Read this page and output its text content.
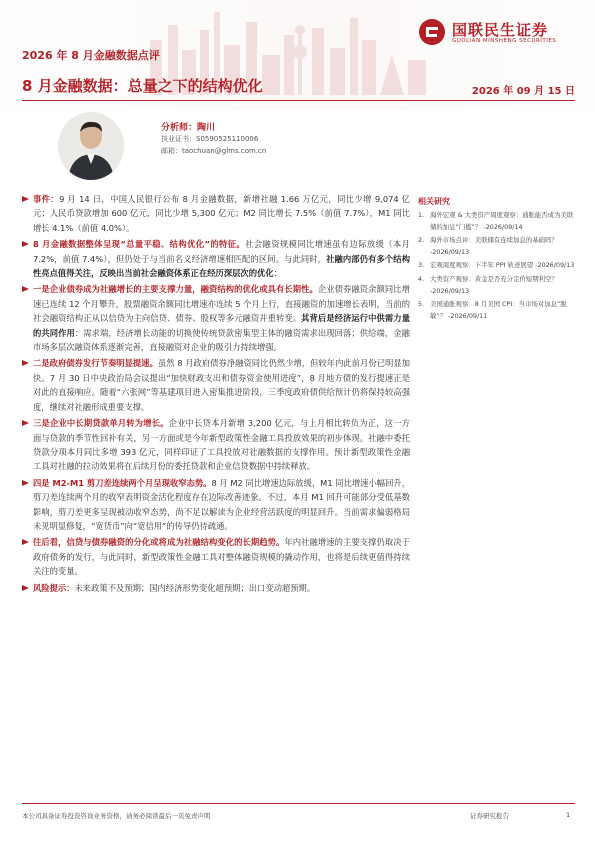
2026 年 8 月金融数据点评
国联民生证券
GUOLIAN MINSHENG SECURITIES
8 月金融数据：总量之下的结构优化	2026 年 09 月 15 日
分析师：陶川
执业证书：S0590525110006
邮箱：taochuan@glms.com.cn
事件：9 月 14 日，中国人民银行公布 8 月金融数据，新增社融 1.66 万亿元，同比少增 9,074 亿元；人民币贷款增加 600 亿元，同比少增 5,300 亿元；M2 同比增长 7.5%（前值 7.7%），M1 同比增长 4.1%（前值 4.0%）。
8 月金融数据整体呈现“总量平稳、结构优化”的特征。社会融资规模同比增速虽有边际放缓（本月 7.2%，前值 7.4%），但仍处于与当前名义经济增速相匹配的区间。与此同时，社融内部仍有多个结构性亮点值得关注，反映出当前社会融资体系正在经历深层次的优化：
一是企业债券成为社融增长的主要支撑力量，融资结构的优化或具有长期性。企业债券融资余额同比增速已连续 12 个月攀升，股票融资余额同比增速亦连续 5 个月上行，直接融资的加速增长表明，当前的社会融资结构正从以信贷为主向信贷、债券、股权等多元融资并重转变。其背后是经济运行中供需力量的共同作用：需求端，经济增长动能的切换使传统贷款密集型主体的融资需求出现回落；供给端，金融市场多层次融资体系逐渐完善，直接融资对企业的吸引力持续增强。
二是政府债券发行节奏明显提速。虽然 8 月政府债券净融资同比仍然少增，但较年内此前月份已明显加快。7 月 30 日中央政治局会议提出“加快财政支出和债券资金使用进度”，8 月地方债的发行提速正是对此的直接响应。随着“六张网”等基建项目进入密集推进阶段，三季度政府债供给预计仍将保持较高强度，继续对社融形成重要支撑。
三是企业中长期贷款单月转为增长。企业中长贷本月新增 3,200 亿元，与上月相比转负为正，这一方面与贷款的季节性回补有关，另一方面或是今年新型政策性金融工具投放效果的初步体现。社融中委托贷款分项本月同比多增 393 亿元，同样印证了工具投放对社融数据的支撑作用。预计新型政策性金融工具对社融的拉动效果将在后续月份的委托贷款和企业信贷数据中持续释放。
四是 M2-M1 剪刀差连续两个月呈现收窄态势。8 月 M2 同比增速边际放缓，M1 同比增速小幅回升，剪刀差连续两个月的收窄表明资金活化程度存在边际改善迹象。不过，本月 M1 回升可能部分受低基数影响，剪刀差更多呈现被动收窄态势，尚不足以解读为企业经营活跃度的明显回升。当前需求偏弱格局未见明显修复，“宽货币”向“宽信用”的传导仍待疏通。
往后看，信贷与债券融资的分化或将成为社融结构变化的长期趋势。年内社融增速的主要支撑仍取决于政府债务的发行，与此同时，新型政策性金融工具对整体融资规模的撬动作用，也将是后续更值得持续关注的变量。
风险提示：未来政策不及预期；国内经济形势变化超预期；出口变动超预期。
相关研究
1. 海外宏观 & 大类资产周度观察：通胀能否成为美联储的加息“门槛”？ -2026/09/14
2. 海外市场点评：美联储有连续加息的基础吗？ -2026/09/13
3. 宏观周度观察：下半年 PPI 轨迹展望 -2026/09/13
4. 大类资产观察：黄金是否充分定价短期利空？ -2026/09/13
5. 美国通胀观察：8 月美国 CPI：当市场对加息“脱敏”？ -2026/09/11
本公司具备证券投资咨询业务资格，请务必阅读最后一页免责声明	证券研究报告	1
